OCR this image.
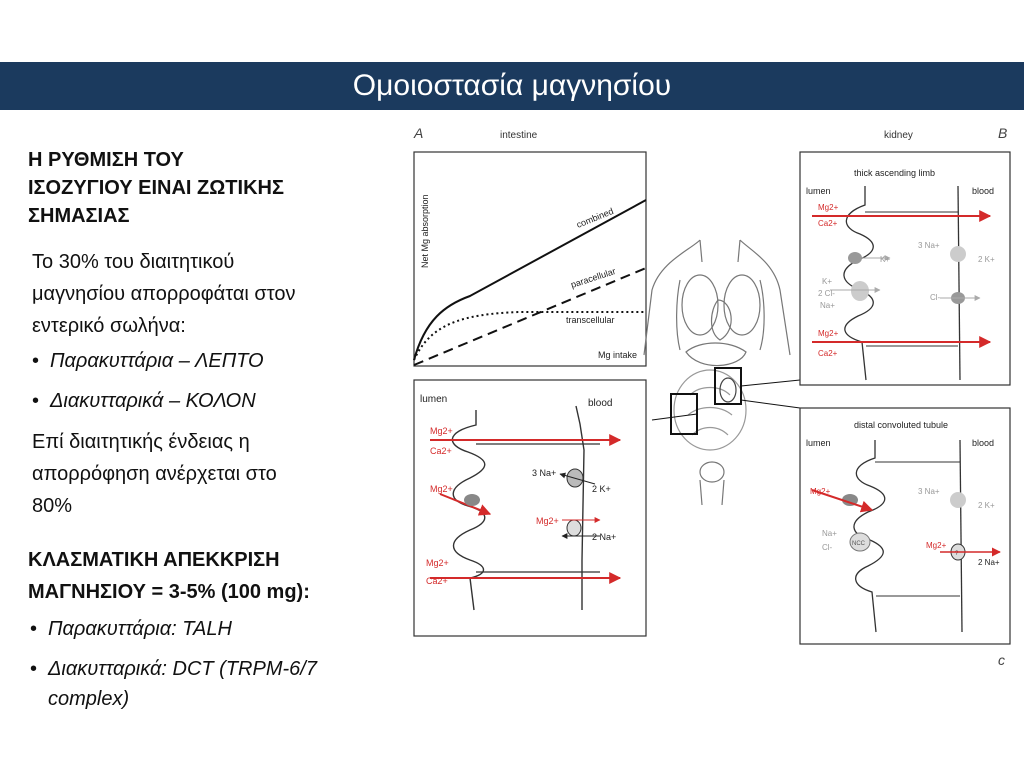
Ομοιοστασία μαγνησίου
Η ΡΥΘΜΙΣΗ ΤΟΥ
ΙΣΟΖΥΓΙΟΥ ΕΙΝΑΙ ΖΩΤΙΚΗΣ
ΣΗΜΑΣΙΑΣ
Το 30% του διαιτητικού
μαγνησίου απορροφάται στον
εντερικό σωλήνα:
• Παρακυττάρια – ΛΕΠΤΟ
• Διακυτταρικά – ΚΟΛΟΝ
Επί διαιτητικής ένδειας η
απορρόφηση ανέρχεται στο
80%
ΚΛΑΣΜΑΤΙΚΗ ΑΠΕΚΚΡΙΣΗ
ΜΑΓΝΗΣΙΟΥ = 3-5% (100 mg):
• Παρακυττάρια: TALH
• Διακυτταρικά: DCT (TRPM-6/7
complex)
A	intestine	kidney	B
c
Net Mg absorption
Mg intake
combined
paracellular
transcellular
lumen	blood
Mg2+
Ca2+
Mg2+
Mg2+
Ca2+
3 Na+
2 K+
Mg2+
2 Na+
thick ascending limb
lumen	blood
Mg2+
Ca2+
Mg2+
Ca2+
K+
K+
2 Cl-
Na+
3 Na+
2 K+
Cl-
distal convoluted tubule
lumen	blood
Mg2+
NCC
Na+
Cl-
3 Na+
2 K+
?
Mg2+
2 Na+
